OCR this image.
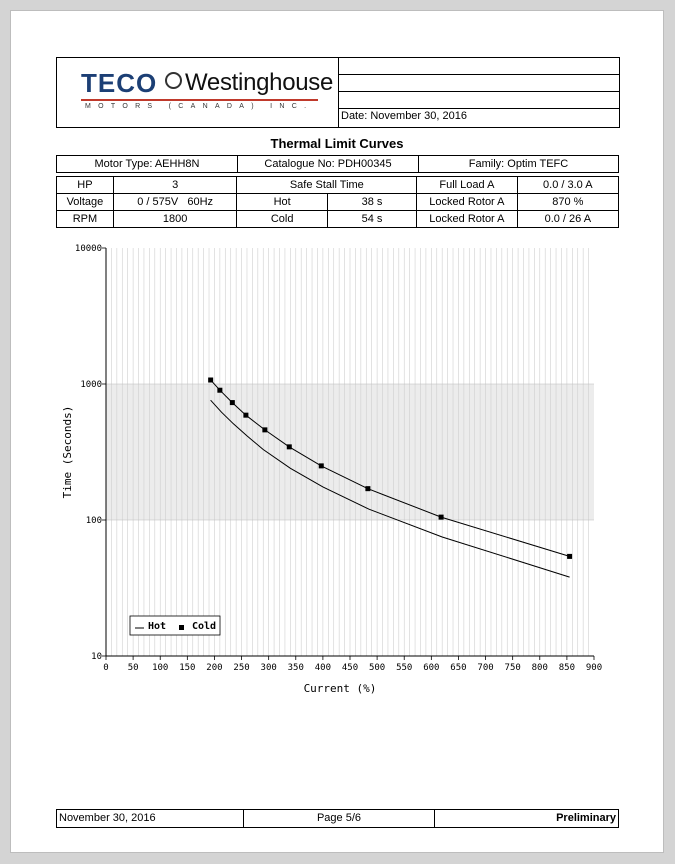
TECO Westinghouse
MOTORS (CANADA) INC.
Date: November 30, 2016
Thermal Limit Curves
Motor Type: AEHH8N	Catalogue No: PDH00345	Family: Optim TEFC
HP	3	Safe Stall Time		Full Load A	0.0 / 3.0 A
Voltage	0 / 575V   60Hz	Hot	38 s	Locked Rotor A	870 %
RPM	1800	Cold	54 s	Locked Rotor A	0.0 / 26 A
0 50 100 150 200 250 300 350 400 450 500 550 600 650 700 750 800 850 900
10
100
1000
10000
Current (%)
Time (Seconds)
Hot	Cold
November 30, 2016	Page 5/6	Preliminary
